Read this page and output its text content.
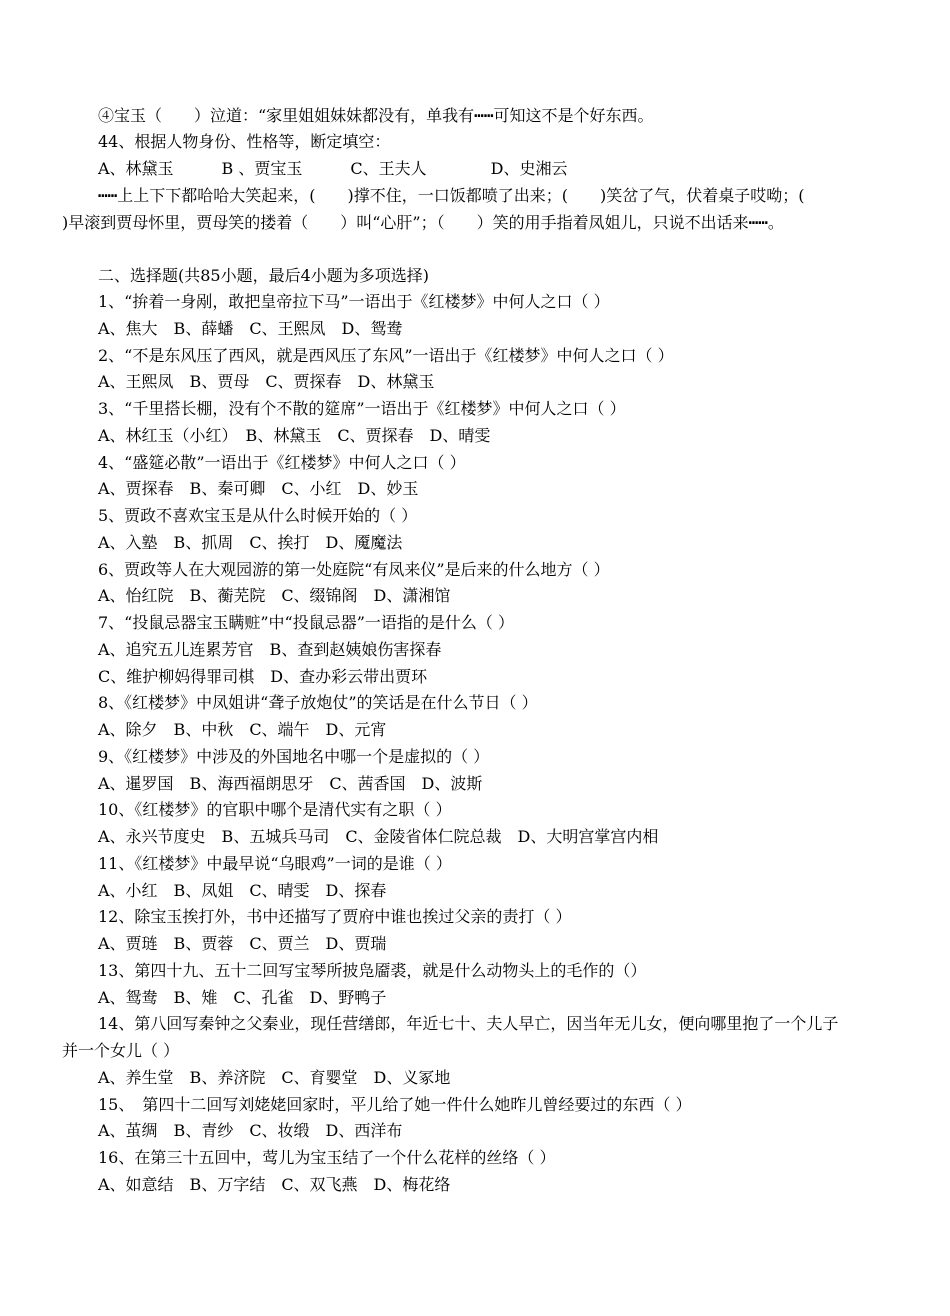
④宝玉（　　）泣道：“家里姐姐妹妹都没有，单我有┅┅可知这不是个好东西。
44、根据人物身份、性格等，断定填空：
A、林黛玉　　　B 、贾宝玉　　　C、王夫人　　　　D、史湘云
┅┅上上下下都哈哈大笑起来，(　　)撑不住，一口饭都喷了出来；(　　)笑岔了气，伏着桌子哎呦；(
)早滚到贾母怀里，贾母笑的搂着（　　）叫“心肝”；（　　）笑的用手指着凤姐儿，只说不出话来┅┅。
二、选择题(共85小题，最后4小题为多项选择)
1、“拚着一身剐，敢把皇帝拉下马”一语出于《红楼梦》中何人之口（ ）
A、焦大　B、薛蟠　C、王熙凤　D、鸳鸯
2、“不是东风压了西风，就是西风压了东风”一语出于《红楼梦》中何人之口（ ）
A、王熙凤　B、贾母　C、贾探春　D、林黛玉
3、“千里搭长棚，没有个不散的筵席”一语出于《红楼梦》中何人之口（ ）
A、林红玉（小红）　B、林黛玉　C、贾探春　D、晴雯
4、“盛筵必散”一语出于《红楼梦》中何人之口（ ）
A、贾探春　B、秦可卿　C、小红　D、妙玉
5、贾政不喜欢宝玉是从什么时候开始的（ ）
A、入塾　B、抓周　C、挨打　D、魇魔法
6、贾政等人在大观园游的第一处庭院“有凤来仪”是后来的什么地方（ ）
A、怡红院　B、蘅芜院　C、缀锦阁　D、潇湘馆
7、“投鼠忌器宝玉瞒赃”中“投鼠忌器”一语指的是什么（ ）
A、追究五儿连累芳官　B、查到赵姨娘伤害探春
C、维护柳妈得罪司棋　D、查办彩云带出贾环
8、《红楼梦》中凤姐讲“聋子放炮仗”的笑话是在什么节日（ ）
A、除夕　B、中秋　C、端午　D、元宵
9、《红楼梦》中涉及的外国地名中哪一个是虚拟的（ ）
A、暹罗国　B、海西福朗思牙　C、茜香国　D、波斯
10、《红楼梦》的官职中哪个是清代实有之职（ ）
A、永兴节度史　B、五城兵马司　C、金陵省体仁院总裁　D、大明宫掌宫内相
11、《红楼梦》中最早说“乌眼鸡”一词的是谁（ ）
A、小红　B、凤姐　C、晴雯　D、探春
12、除宝玉挨打外，书中还描写了贾府中谁也挨过父亲的责打（ ）
A、贾琏　B、贾蓉　C、贾兰　D、贾瑞
13、第四十九、五十二回写宝琴所披凫靥裘，就是什么动物头上的毛作的（）
A、鸳鸯　B、雉　C、孔雀　D、野鸭子
14、第八回写秦钟之父秦业，现任营缮郎，年近七十、夫人早亡，因当年无儿女，便向哪里抱了一个儿子
并一个女儿（ ）
A、养生堂　B、养济院　C、育婴堂　D、义冢地
15、　第四十二回写刘姥姥回家时，平儿给了她一件什么她昨儿曾经要过的东西（ ）
A、茧绸　B、青纱　C、妆缎　D、西洋布
16、在第三十五回中，莺儿为宝玉结了一个什么花样的丝络（ ）
A、如意结　B、万字结　C、双飞燕　D、梅花络
